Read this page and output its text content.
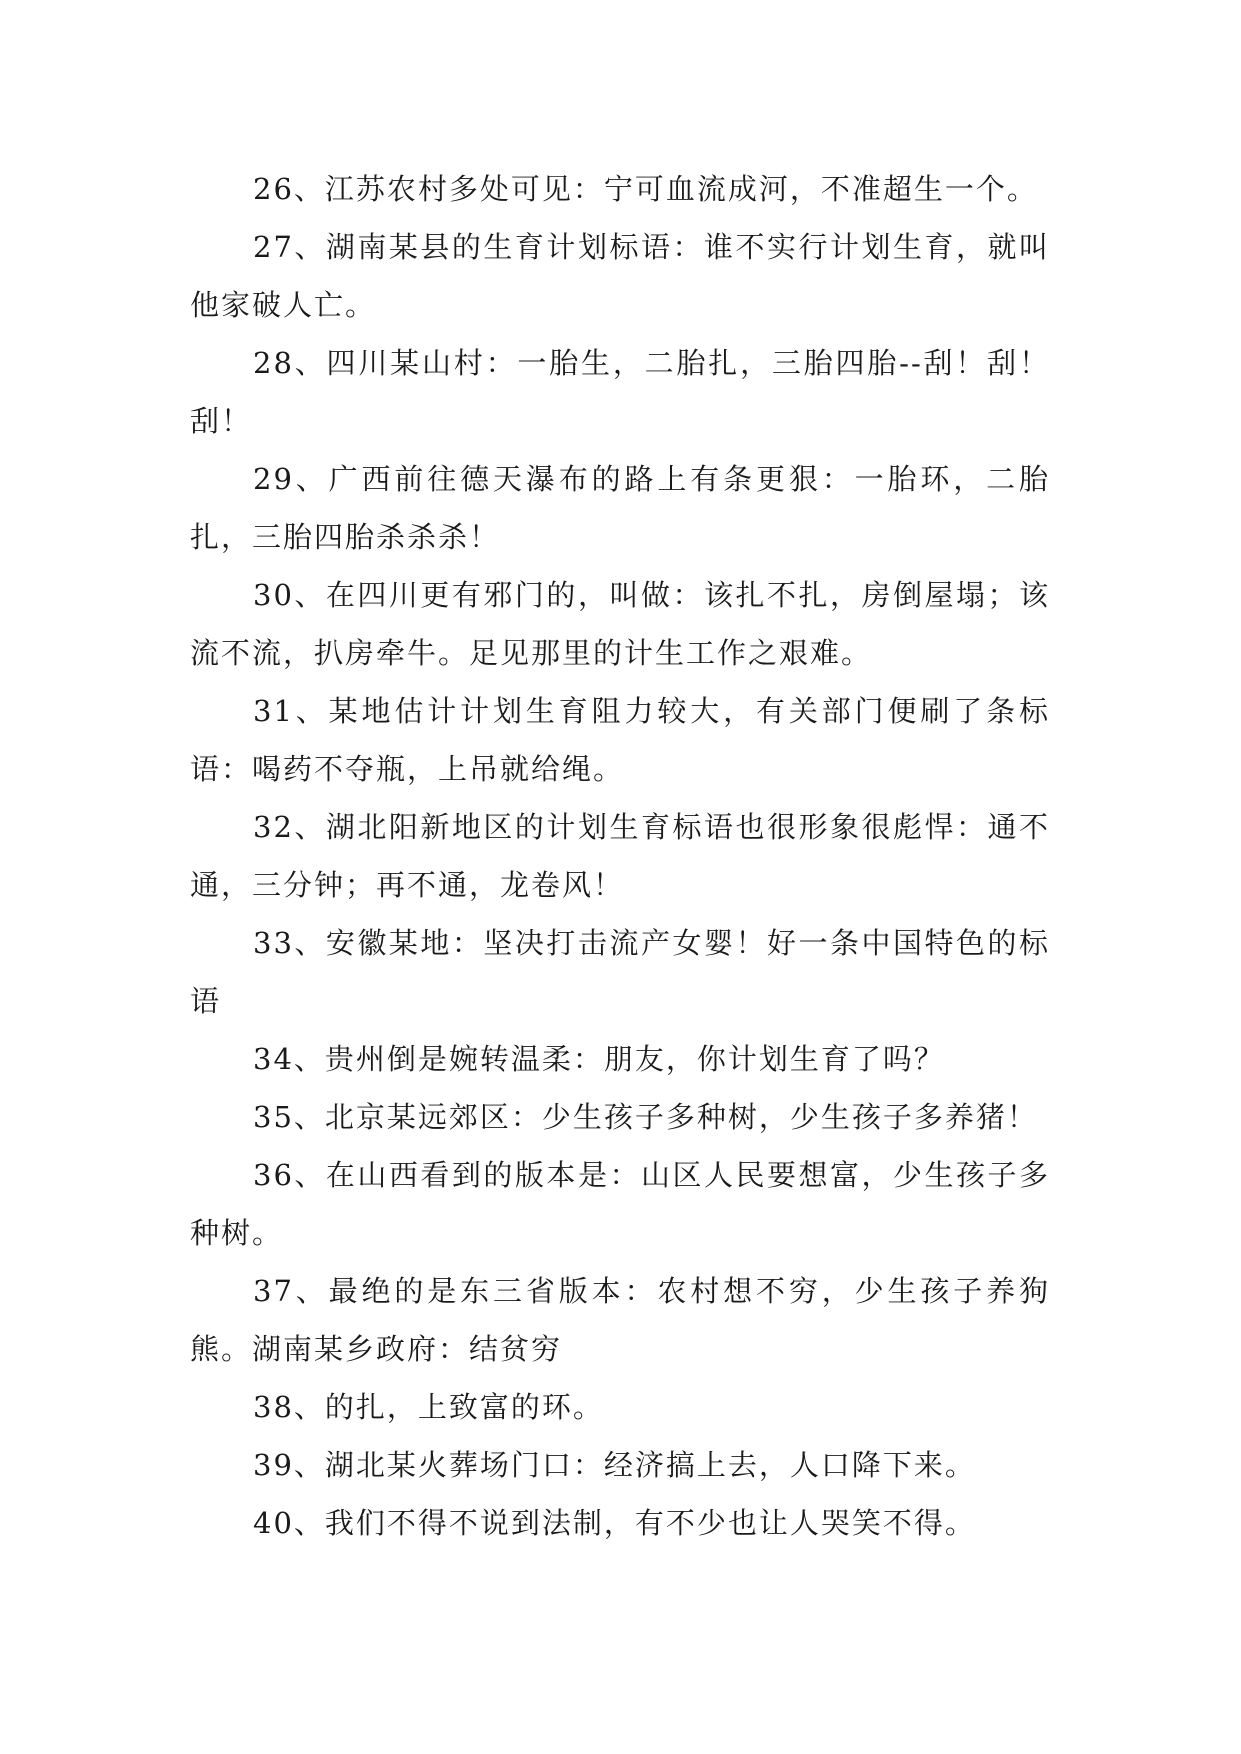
26、江苏农村多处可见：宁可血流成河，不准超生一个。

27、湖南某县的生育计划标语：谁不实行计划生育，就叫他家破人亡。

28、四川某山村：一胎生，二胎扎，三胎四胎--刮！刮！刮！

29、广西前往德天瀑布的路上有条更狠：一胎环，二胎扎，三胎四胎杀杀杀！

30、在四川更有邪门的，叫做：该扎不扎，房倒屋塌；该流不流，扒房牵牛。足见那里的计生工作之艰难。

31、某地估计计划生育阻力较大，有关部门便刷了条标语：喝药不夺瓶，上吊就给绳。

32、湖北阳新地区的计划生育标语也很形象很彪悍：通不通，三分钟；再不通，龙卷风！

33、安徽某地：坚决打击流产女婴！好一条中国特色的标语

34、贵州倒是婉转温柔：朋友，你计划生育了吗？

35、北京某远郊区：少生孩子多种树，少生孩子多养猪！

36、在山西看到的版本是：山区人民要想富，少生孩子多种树。

37、最绝的是东三省版本：农村想不穷，少生孩子养狗熊。湖南某乡政府：结贫穷

38、的扎，上致富的环。

39、湖北某火葬场门口：经济搞上去，人口降下来。

40、我们不得不说到法制，有不少也让人哭笑不得。
